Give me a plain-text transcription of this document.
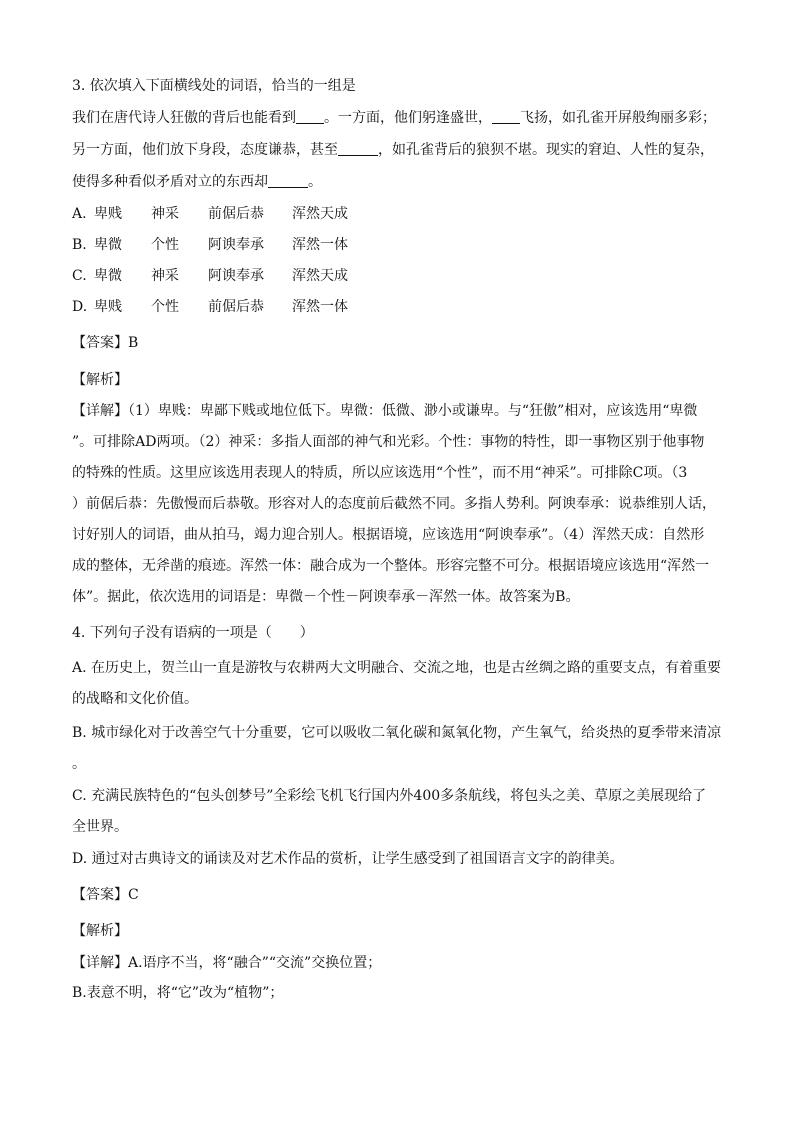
3. 依次填入下面横线处的词语，恰当的一组是
我们在唐代诗人狂傲的背后也能看到 。一方面，他们躬逢盛世， 飞扬，如孔雀开屏般绚丽多彩；
另一方面，他们放下身段，态度谦恭，甚至	，如孔雀背后的狼狈不堪。现实的窘迫、人性的复杂，
使得多种看似矛盾对立的东西却	。
A. 卑贱 神采 前倨后恭 浑然天成
B. 卑微 个性 阿谀奉承 浑然一体
C. 卑微 神采 阿谀奉承 浑然天成
D. 卑贱 个性 前倨后恭 浑然一体
【答案】B
【解析】
【详解】（1）卑贱：卑鄙下贱或地位低下。卑微：低微、渺小或谦卑。与“狂傲”相对，应该选用“卑微
”。可排除AD两项。（2）神采：多指人面部的神气和光彩。个性：事物的特性，即一事物区别于他事物
的特殊的性质。这里应该选用表现人的特质，所以应该选用“个性”，而不用“神采”。可排除C项。（3
）前倨后恭：先傲慢而后恭敬。形容对人的态度前后截然不同。多指人势利。阿谀奉承：说恭维别人话，
讨好别人的词语，曲从拍马，竭力迎合别人。根据语境，应该选用“阿谀奉承”。（4）浑然天成：自然形
成的整体，无斧凿的痕迹。浑然一体：融合成为一个整体。形容完整不可分。根据语境应该选用“浑然一
体”。据此，依次选用的词语是：卑微－个性－阿谀奉承－浑然一体。故答案为B。
4. 下列句子没有语病的一项是（　　）
A. 在历史上，贺兰山一直是游牧与农耕两大文明融合、交流之地，也是古丝绸之路的重要支点，有着重要
的战略和文化价值。
B. 城市绿化对于改善空气十分重要，它可以吸收二氧化碳和氮氧化物，产生氧气，给炎热的夏季带来清凉
。
C. 充满民族特色的“包头创梦号”全彩绘飞机飞行国内外400多条航线，将包头之美、草原之美展现给了
全世界。
D. 通过对古典诗文的诵读及对艺术作品的赏析，让学生感受到了祖国语言文字的韵律美。
【答案】C
【解析】
【详解】A.语序不当，将“融合”“交流”交换位置；
B.表意不明，将“它”改为“植物”；
